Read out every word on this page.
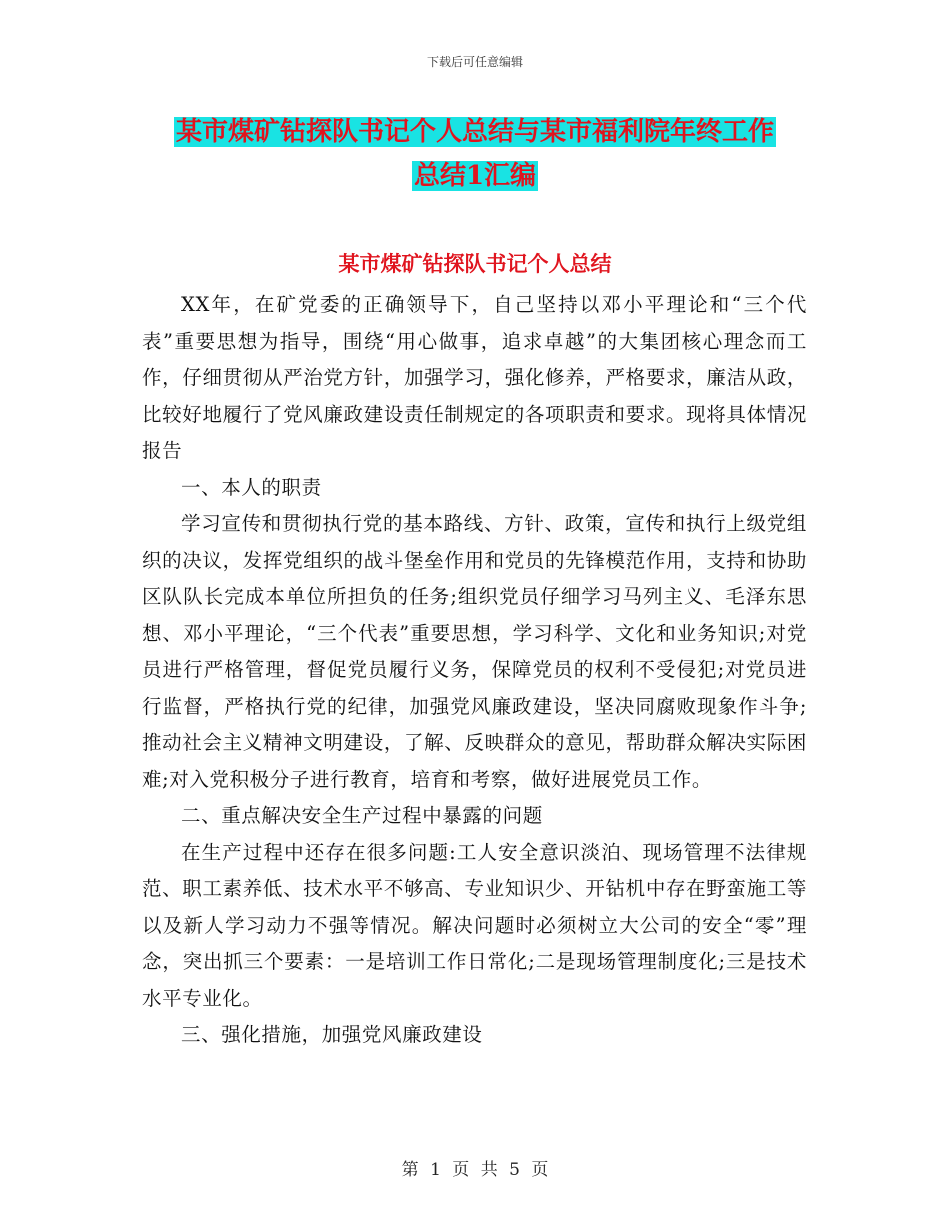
下载后可任意编辑
某市煤矿钻探队书记个人总结与某市福利院年终工作
总结1汇编
某市煤矿钻探队书记个人总结

XX年，在矿党委的正确领导下，自己坚持以邓小平理论和“三个代表”重要思想为指导，围绕“用心做事，追求卓越”的大集团核心理念而工作，仔细贯彻从严治党方针，加强学习，强化修养，严格要求，廉洁从政，比较好地履行了党风廉政建设责任制规定的各项职责和要求。现将具体情况报告

一、本人的职责

学习宣传和贯彻执行党的基本路线、方针、政策，宣传和执行上级党组织的决议，发挥党组织的战斗堡垒作用和党员的先锋模范作用，支持和协助区队队长完成本单位所担负的任务;组织党员仔细学习马列主义、毛泽东思想、邓小平理论，“三个代表”重要思想，学习科学、文化和业务知识;对党员进行严格管理，督促党员履行义务，保障党员的权利不受侵犯;对党员进行监督，严格执行党的纪律，加强党风廉政建设，坚决同腐败现象作斗争;推动社会主义精神文明建设，了解、反映群众的意见，帮助群众解决实际困难;对入党积极分子进行教育，培育和考察，做好进展党员工作。

二、重点解决安全生产过程中暴露的问题

在生产过程中还存在很多问题:工人安全意识淡泊、现场管理不法律规范、职工素养低、技术水平不够高、专业知识少、开钻机中存在野蛮施工等以及新人学习动力不强等情况。解决问题时必须树立大公司的安全“零”理念，突出抓三个要素：一是培训工作日常化;二是现场管理制度化;三是技术水平专业化。

三、强化措施，加强党风廉政建设

第 1 页 共 5 页
